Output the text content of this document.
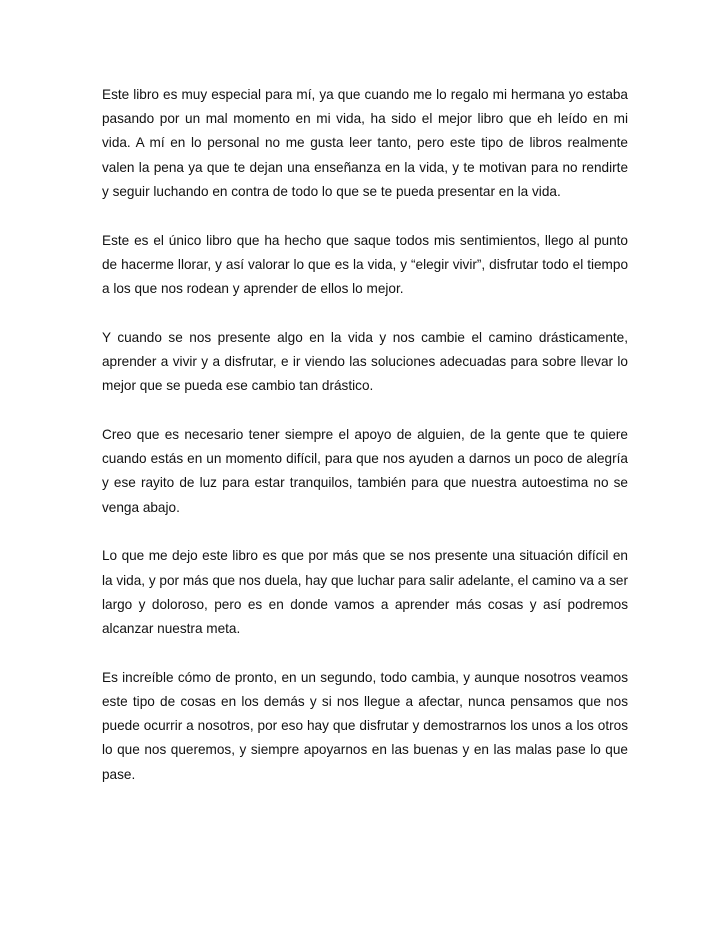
Este libro es muy especial para mí, ya que cuando me lo regalo mi hermana yo estaba pasando por un mal momento en mi vida, ha sido el mejor libro que eh leído en mi vida. A mí en lo personal no me gusta leer tanto, pero este tipo de libros realmente valen la pena ya que te dejan una enseñanza en la vida, y te motivan para no rendirte y seguir luchando en contra de todo lo que se te pueda presentar en la vida.

Este es el único libro que ha hecho que saque todos mis sentimientos, llego al punto de hacerme llorar, y así valorar lo que es la vida, y “elegir vivir”, disfrutar todo el tiempo a los que nos rodean y aprender de ellos lo mejor.

Y cuando se nos presente algo en la vida y nos cambie el camino drásticamente, aprender a vivir y a disfrutar, e ir viendo las soluciones adecuadas para sobre llevar lo mejor que se pueda ese cambio tan drástico.

Creo que es necesario tener siempre el apoyo de alguien, de la gente que te quiere cuando estás en un momento difícil, para que nos ayuden a darnos un poco de alegría y ese rayito de luz para estar tranquilos, también para que nuestra autoestima no se venga abajo.

Lo que me dejo este libro es que por más que se nos presente una situación difícil en la vida, y por más que nos duela, hay que luchar para salir adelante, el camino va a ser largo y doloroso, pero es en donde vamos a aprender más cosas y así podremos alcanzar nuestra meta.

Es increíble cómo de pronto, en un segundo, todo cambia, y aunque nosotros veamos este tipo de cosas en los demás y si nos llegue a afectar, nunca pensamos que nos puede ocurrir a nosotros, por eso hay que disfrutar y demostrarnos los unos a los otros lo que nos queremos, y siempre apoyarnos en las buenas y en las malas pase lo que pase.
